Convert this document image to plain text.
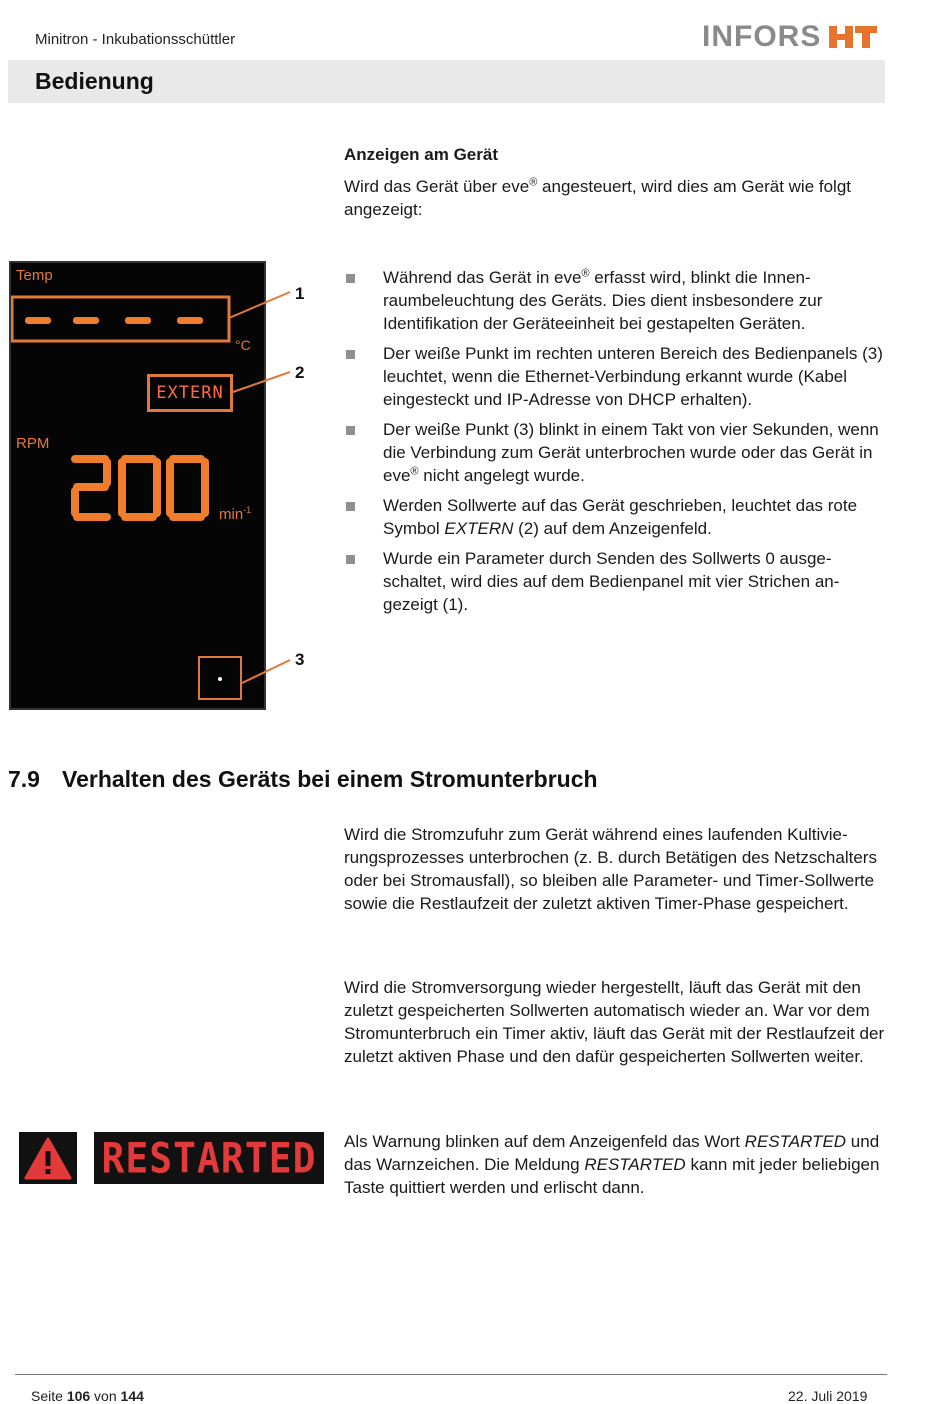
Minitron - Inkubationsschüttler	INFORS
Bedienung
Anzeigen am Gerät
Wird das Gerät über eve® angesteuert, wird dies am Gerät wie folgt angezeigt:
Temp
°C
EXTERN
RPM
$\min^{-1}$
1
2
3
Während das Gerät in eve® erfasst wird, blinkt die Innenraumbeleuchtung des Geräts. Dies dient insbesondere zur Identifikation der Geräteeinheit bei gestapelten Geräten.
Der weiße Punkt im rechten unteren Bereich des Bedienpanels (3) leuchtet, wenn die Ethernet-Verbindung erkannt wurde (Kabel eingesteckt und IP-Adresse von DHCP erhalten).
Der weiße Punkt (3) blinkt in einem Takt von vier Sekunden, wenn die Verbindung zum Gerät unterbrochen wurde oder das Gerät in eve® nicht angelegt wurde.
Werden Sollwerte auf das Gerät geschrieben, leuchtet das rote Symbol EXTERN (2) auf dem Anzeigenfeld.
Wurde ein Parameter durch Senden des Sollwerts 0 ausgeschaltet, wird dies auf dem Bedienpanel mit vier Strichen angezeigt (1).
7.9 Verhalten des Geräts bei einem Stromunterbruch
Wird die Stromzufuhr zum Gerät während eines laufenden Kultivierungsprozesses unterbrochen (z. B. durch Betätigen des Netzschalters oder bei Stromausfall), so bleiben alle Parameter- und Timer-Sollwerte sowie die Restlaufzeit der zuletzt aktiven Timer-Phase gespeichert.
Wird die Stromversorgung wieder hergestellt, läuft das Gerät mit den zuletzt gespeicherten Sollwerten automatisch wieder an. War vor dem Stromunterbruch ein Timer aktiv, läuft das Gerät mit der Restlaufzeit der zuletzt aktiven Phase und den dafür gespeicherten Sollwerten weiter.
RESTARTED Als Warnung blinken auf dem Anzeigenfeld das Wort RESTARTED und das Warnzeichen. Die Meldung RESTARTED kann mit jeder beliebigen Taste quittiert werden und erlischt dann.
Seite 106 von 144	22. Juli 2019
